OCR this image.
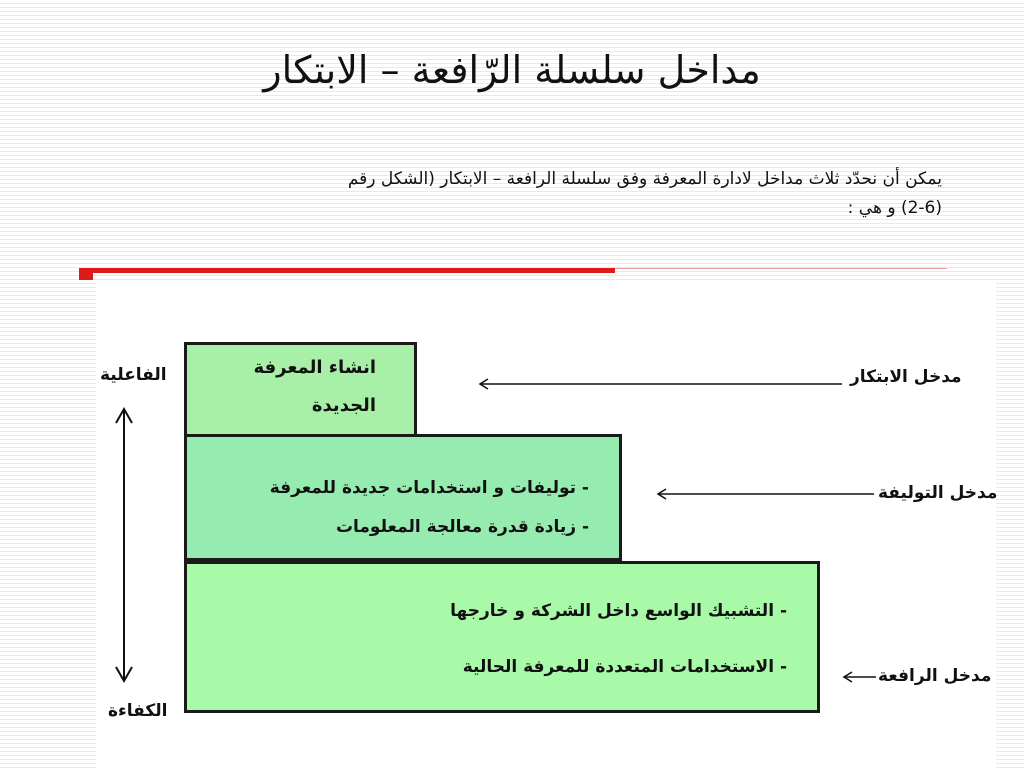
مداخل سلسلة الرّافعة – الابتكار
يمكن أن نحدّد ثلاث مداخل لادارة المعرفة وفق سلسلة الرافعة – الابتكار (الشكل رقم
(2-6) و هي :
الفاعلية
الكفاءة
انشاء المعرفة
الجديدة
- توليفات و استخدامات جديدة للمعرفة
- زيادة قدرة معالجة المعلومات
- التشبيك الواسع داخل الشركة و خارجها
- الاستخدامات المتعددة للمعرفة الحالية
مدخل الابتكار
مدخل التوليفة
مدخل الرافعة
